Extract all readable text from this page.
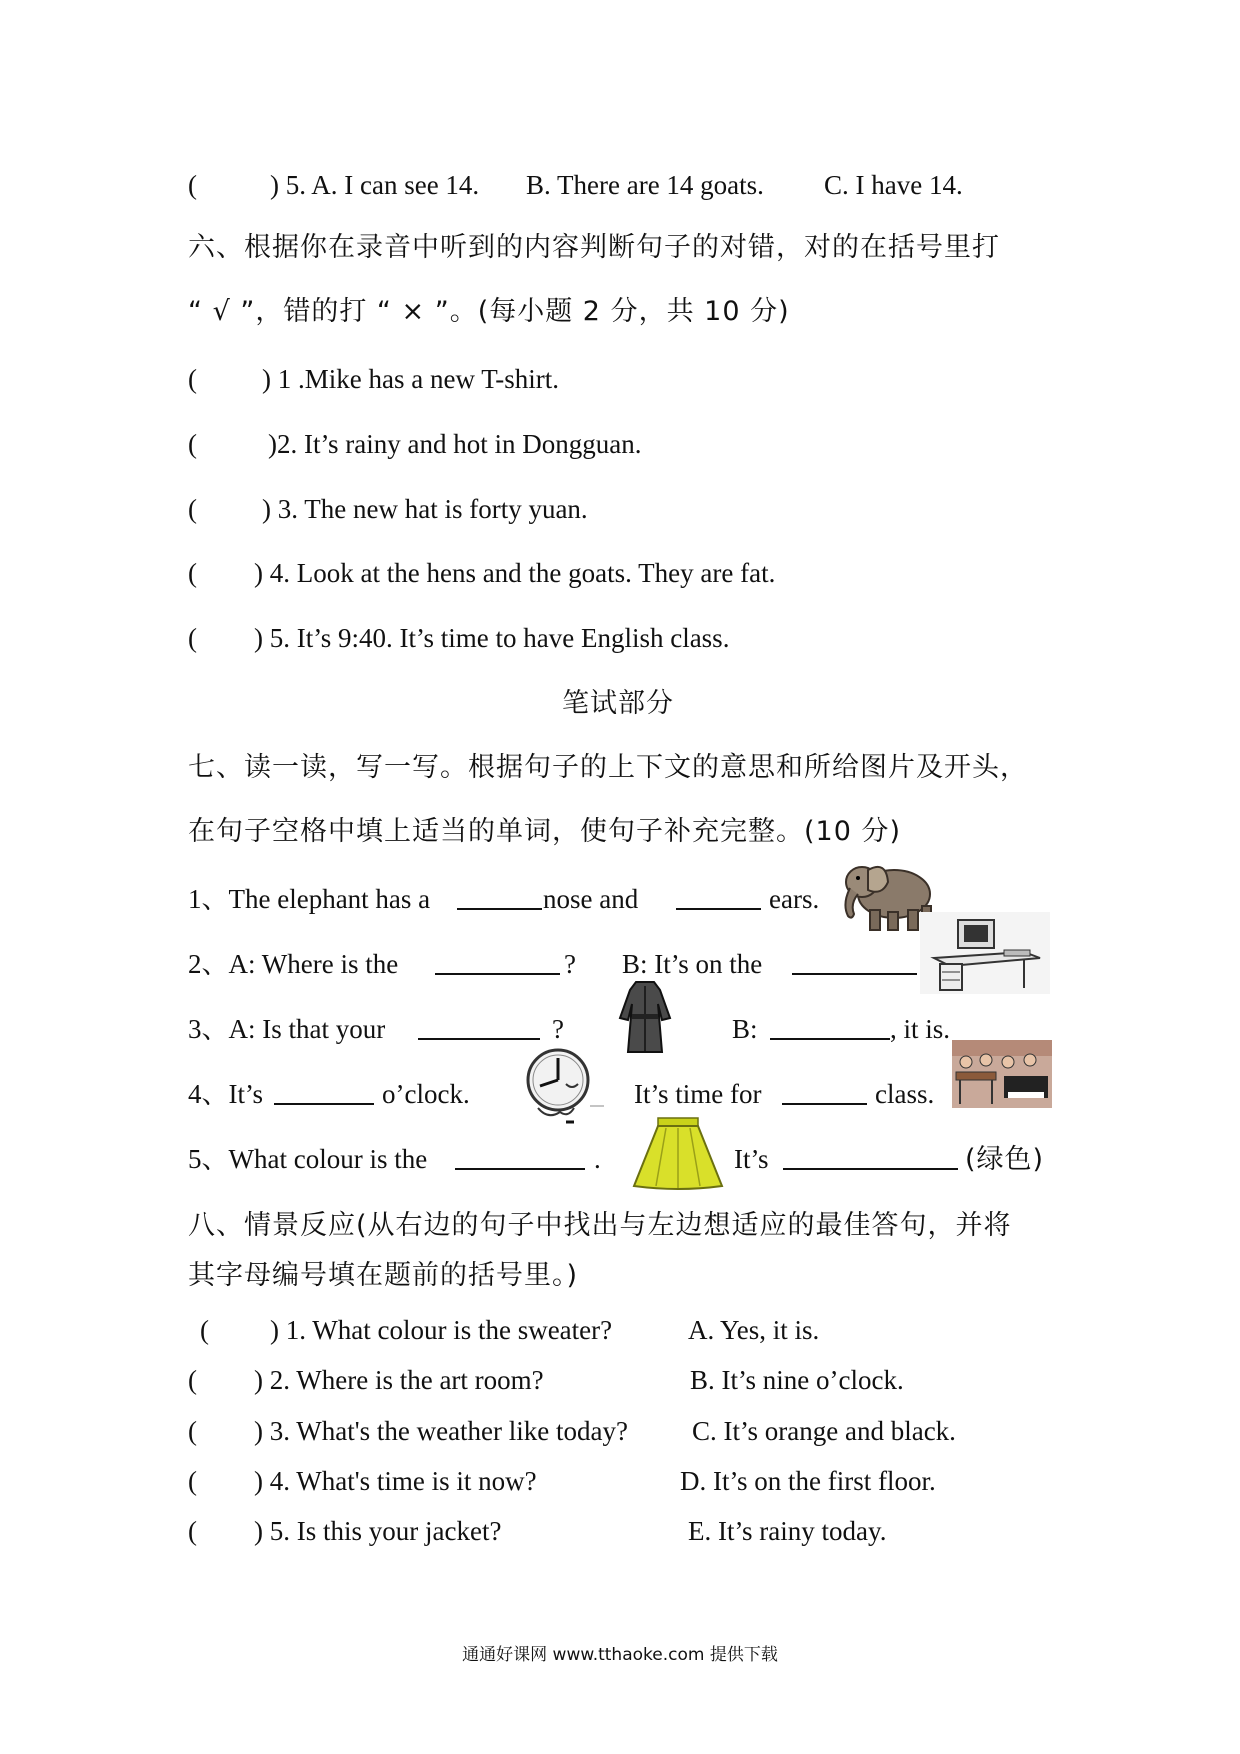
(	) 5. A. I can see 14. B. There are 14 goats. C. I have 14.
六、根据你在录音中听到的内容判断句子的对错，对的在括号里打
“ √ ”，错的打 “ × ”。(每小题 2 分，共 10 分)
( ) 1 .Mike has a new T-shirt.
(	)2. It’s rainy and hot in Dongguan.
( ) 3. The new hat is forty yuan.
( ) 4. Look at the hens and the goats. They are fat.
( ) 5. It’s 9:40. It’s time to have English class.
笔试部分
七、读一读，写一写。根据句子的上下文的意思和所给图片及开头，
在句子空格中填上适当的单词，使句子补充完整。(10 分)
1、The elephant has a	nose and	ears.
2、A: Where is the	? B: It’s on the
3、A: Is that your	?	B:	, it is.
4、It’s	o’clock.	It’s time for	class.
5、What colour is the	.	It’s	(绿色)
八、情景反应(从右边的句子中找出与左边想适应的最佳答句，并将
其字母编号填在题前的括号里。)
( ) 1. What colour is the sweater?	A. Yes, it is.
( ) 2. Where is the art room?	B. It’s nine o’clock.
( ) 3. What's the weather like today? C. It’s orange and black.
( ) 4. What's time is it now?	D. It’s on the first floor.
( ) 5. Is this your jacket?	E. It’s rainy today.
通通好课网 www.tthaoke.com 提供下载
